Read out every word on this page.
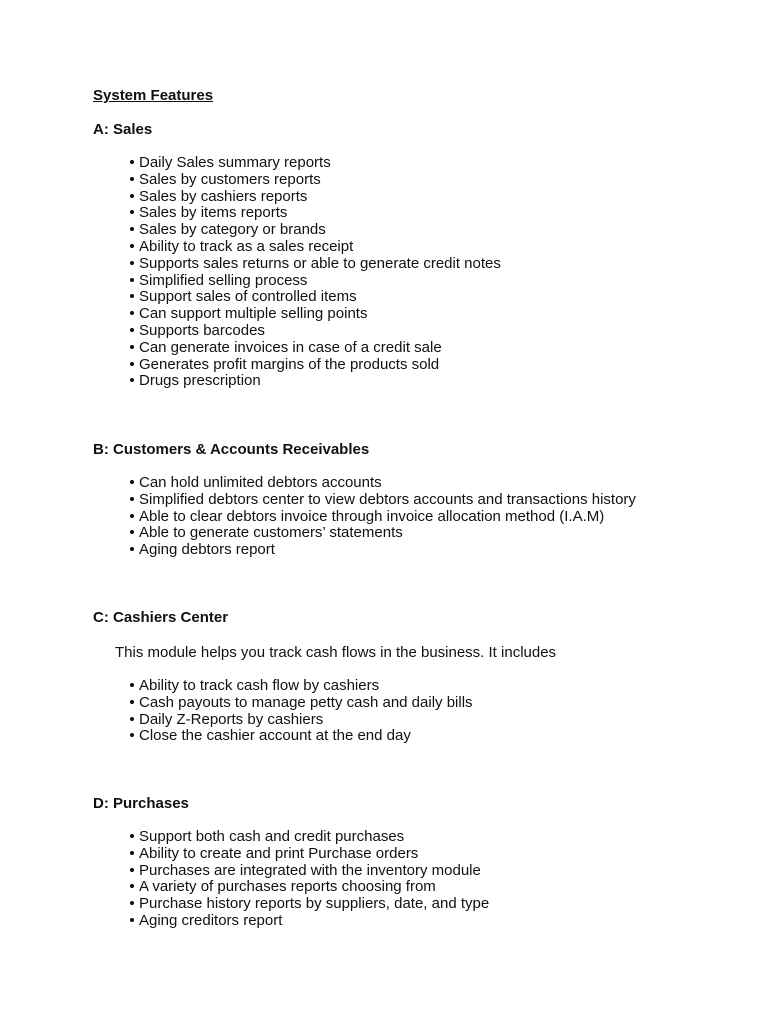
System Features
A: Sales
Daily Sales summary reports
Sales by customers reports
Sales by cashiers reports
Sales by items reports
Sales by category or brands
Ability to track as a sales receipt
Supports sales returns or able to generate credit notes
Simplified selling process
Support sales of controlled items
Can support multiple selling points
Supports barcodes
Can generate invoices in case of a credit sale
Generates profit margins of the products sold
Drugs prescription
B: Customers & Accounts Receivables
Can hold unlimited debtors accounts
Simplified debtors center to view debtors accounts and transactions history
Able to clear debtors invoice through invoice allocation method (I.A.M)
Able to generate customers’ statements
Aging debtors report
C: Cashiers Center

This module helps you track cash flows in the business. It includes

Ability to track cash flow by cashiers
Cash payouts to manage petty cash and daily bills
Daily Z-Reports by cashiers
Close the cashier account at the end day
D: Purchases
Support both cash and credit purchases
Ability to create and print Purchase orders
Purchases are integrated with the inventory module
A variety of purchases reports choosing from
Purchase history reports by suppliers, date, and type
Aging creditors report
